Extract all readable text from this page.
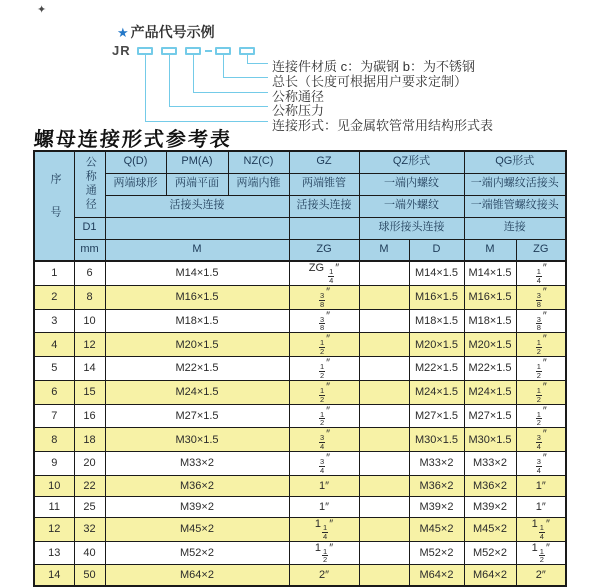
✦
★ 产品代号示例
JR
连接件材质 c：为碳钢 b：为不锈钢
总长（长度可根据用户要求定制）
公称通径
公称压力
连接形式：见金属软管常用结构形式表
螺母连接形式参考表
序号	公称通径	Q(D)	PM(A)	NZ(C)	GZ	QZ形式		QG形式	
		两端球形	两端平面	两端内锥	两端锥管	一端内螺纹		一端内螺纹活接头	
		活接头连接			活接头连接	一端外螺纹		一端锥管螺纹接头	
	D1					球形接头连接		连接	
	mm	M			ZG	M	D	M	ZG
1	6	M14×1.5			ZG $\frac{1}{4}$ ″		M14×1.5	M14×1.5	$\frac{1}{4}$ ″
2	8	M16×1.5			$\frac{3}{8}$ ″		M16×1.5	M16×1.5	$\frac{3}{8}$ ″
3	10	M18×1.5			$\frac{3}{8}$ ″		M18×1.5	M18×1.5	$\frac{3}{8}$ ″
4	12	M20×1.5			$\frac{1}{2}$ ″		M20×1.5	M20×1.5	$\frac{1}{2}$ ″
5	14	M22×1.5			$\frac{1}{2}$ ″		M22×1.5	M22×1.5	$\frac{1}{2}$ ″
6	15	M24×1.5			$\frac{1}{2}$ ″		M24×1.5	M24×1.5	$\frac{1}{2}$ ″
7	16	M27×1.5			$\frac{1}{2}$ ″		M27×1.5	M27×1.5	$\frac{1}{2}$ ″
8	18	M30×1.5			$\frac{3}{4}$ ″		M30×1.5	M30×1.5	$\frac{3}{4}$ ″
9	20	M33×2			$\frac{3}{4}$ ″		M33×2	M33×2	$\frac{3}{4}$ ″
10	22	M36×2			1″		M36×2	M36×2	1″
11	25	M39×2			1″		M39×2	M39×2	1″
12	32	M45×2			$1 \frac{1}{4}$ ″		M45×2	M45×2	$1 \frac{1}{4}$ ″
13	40	M52×2			$1 \frac{1}{2}$ ″		M52×2	M52×2	$1 \frac{1}{2}$ ″
14	50	M64×2			2″		M64×2	M64×2	2″
